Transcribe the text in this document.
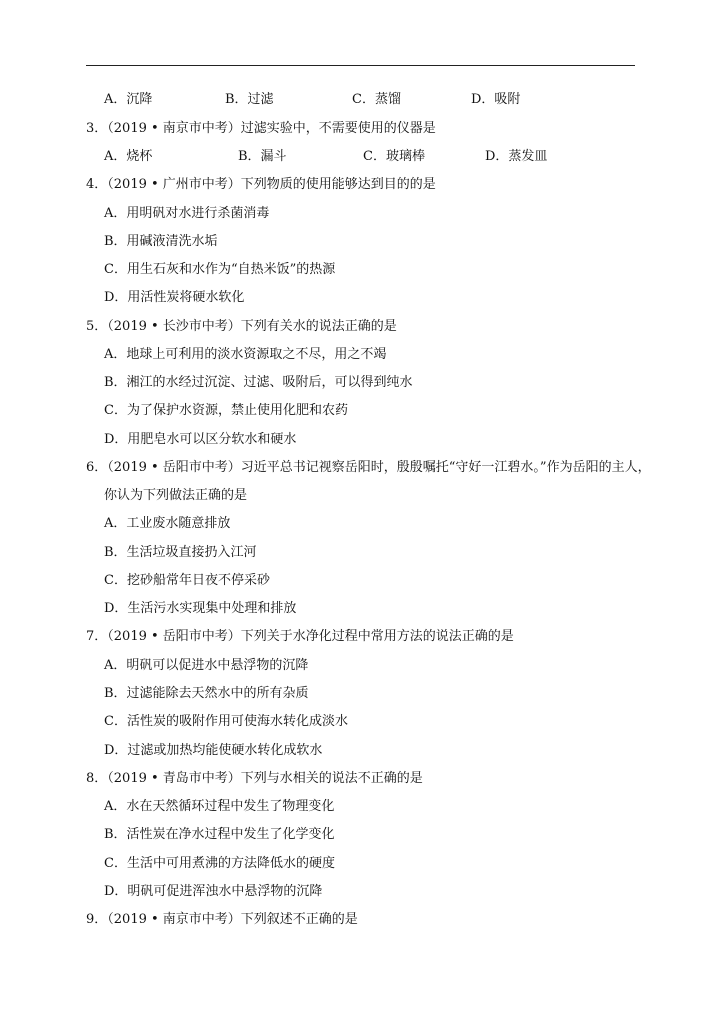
A．沉降	B．过滤	C．蒸馏	D．吸附
3．（2019 • 南京市中考）过滤实验中，不需要使用的仪器是
A．烧杯	B．漏斗	C．玻璃棒	D．蒸发皿
4．（2019 • 广州市中考）下列物质的使用能够达到目的的是
A．用明矾对水进行杀菌消毒
B．用碱液清洗水垢
C．用生石灰和水作为“自热米饭”的热源
D．用活性炭将硬水软化
5．（2019 • 长沙市中考）下列有关水的说法正确的是
A．地球上可利用的淡水资源取之不尽，用之不竭
B．湘江的水经过沉淀、过滤、吸附后，可以得到纯水
C．为了保护水资源，禁止使用化肥和农药
D．用肥皂水可以区分软水和硬水
6．（2019 • 岳阳市中考）习近平总书记视察岳阳时，殷殷嘱托“守好一江碧水。”作为岳阳的主人，
你认为下列做法正确的是
A．工业废水随意排放
B．生活垃圾直接扔入江河
C．挖砂船常年日夜不停采砂
D．生活污水实现集中处理和排放
7．（2019 • 岳阳市中考）下列关于水净化过程中常用方法的说法正确的是
A．明矾可以促进水中悬浮物的沉降
B．过滤能除去天然水中的所有杂质
C．活性炭的吸附作用可使海水转化成淡水
D．过滤或加热均能使硬水转化成软水
8．（2019 • 青岛市中考）下列与水相关的说法不正确的是
A．水在天然循环过程中发生了物理变化
B．活性炭在净水过程中发生了化学变化
C．生活中可用煮沸的方法降低水的硬度
D．明矾可促进浑浊水中悬浮物的沉降
9．（2019 • 南京市中考）下列叙述不正确的是
